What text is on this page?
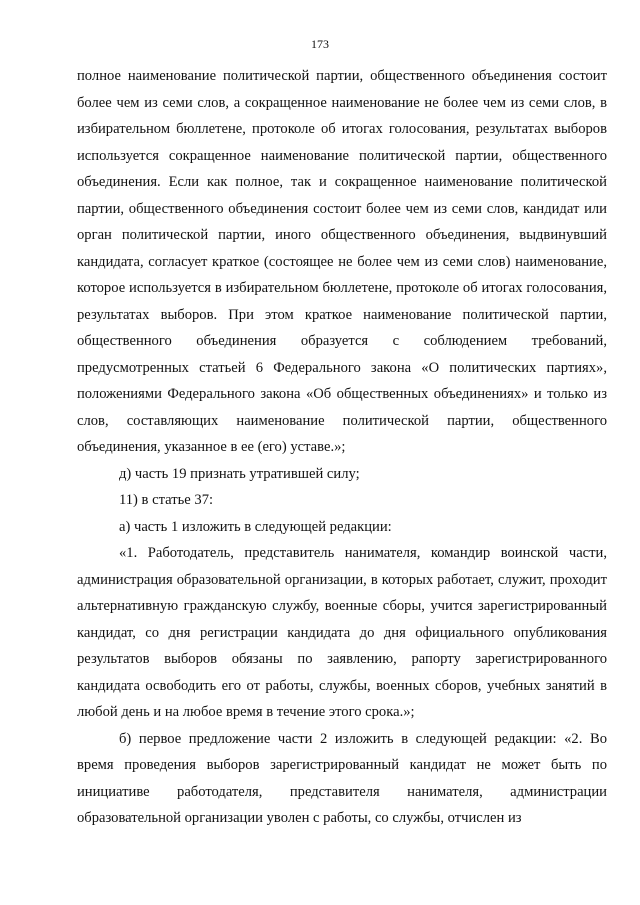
173

полное наименование политической партии, общественного объединения состоит более чем из семи слов, а сокращенное наименование не более чем из семи слов, в избирательном бюллетене, протоколе об итогах голосования, результатах выборов используется сокращенное наименование политической партии, общественного объединения. Если как полное, так и сокращенное наименование политической партии, общественного объединения состоит более чем из семи слов, кандидат или орган политической партии, иного общественного объединения, выдвинувший кандидата, согласует краткое (состоящее не более чем из семи слов) наименование, которое используется в избирательном бюллетене, протоколе об итогах голосования, результатах выборов. При этом краткое наименование политической партии, общественного объединения образуется с соблюдением требований, предусмотренных статьей 6 Федерального закона «О политических партиях», положениями Федерального закона «Об общественных объединениях» и только из слов, составляющих наименование политической партии, общественного объединения, указанное в ее (его) уставе.»;

д) часть 19 признать утратившей силу;

11) в статье 37:

а) часть 1 изложить в следующей редакции:

«1. Работодатель, представитель нанимателя, командир воинской части, администрация образовательной организации, в которых работает, служит, проходит альтернативную гражданскую службу, военные сборы, учится зарегистрированный кандидат, со дня регистрации кандидата до дня официального опубликования результатов выборов обязаны по заявлению, рапорту зарегистрированного кандидата освободить его от работы, службы, военных сборов, учебных занятий в любой день и на любое время в течение этого срока.»;

б) первое предложение части 2 изложить в следующей редакции: «2. Во время проведения выборов зарегистрированный кандидат не может быть по инициативе работодателя, представителя нанимателя, администрации образовательной организации уволен с работы, со службы, отчислен из
